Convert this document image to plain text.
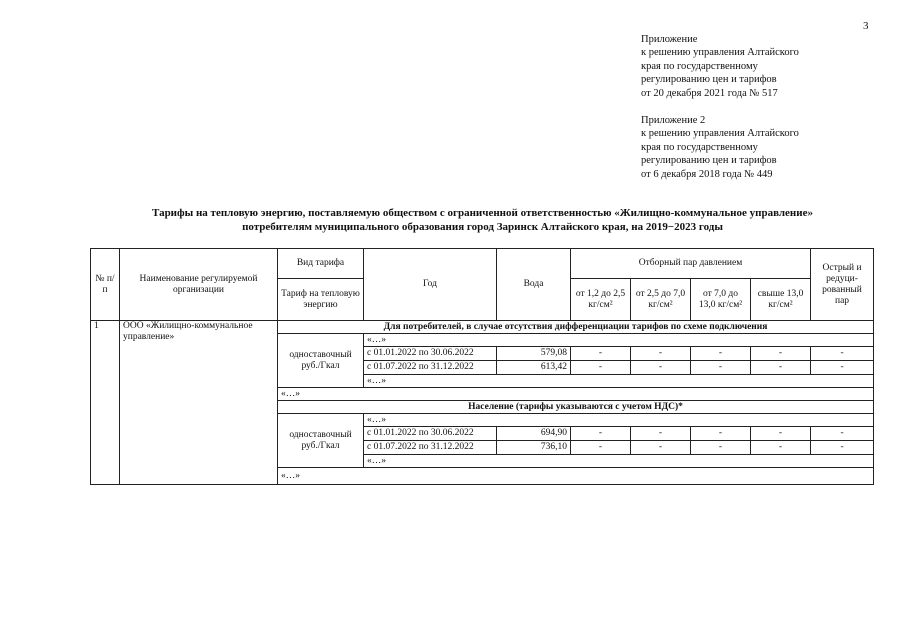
3
Приложение
к решению управления Алтайского
края по государственному
регулированию цен и тарифов
от 20 декабря 2021 года № 517
Приложение 2
к решению управления Алтайского
края по государственному
регулированию цен и тарифов
от 6 декабря 2018 года № 449
Тарифы на тепловую энергию, поставляемую обществом с ограниченной ответственностью «Жилищно-коммунальное управление»
потребителям муниципального образования город Заринск Алтайского края, на 2019−2023 годы
№ п/п	Наименование регулируемой организации	Вид тарифа	Год	Вода	Отборный пар давлением				Острый и редуци-рованный пар
		Тариф на тепловую энергию			от 1,2 до 2,5 кг/см²	от 2,5 до 7,0 кг/см²	от 7,0 до 13,0 кг/см²	свыше 13,0 кг/см²	
1	ООО «Жилищно-коммунальное управление»	Для потребителей, в случае отсутствия дифференциации тарифов по схеме подключения							
		одноставочный руб./Гкал	«…»						
			с 01.01.2022 по 30.06.2022	579,08	-	-	-	-	-
			с 01.07.2022 по 31.12.2022	613,42	-	-	-	-	-
			«…»						
		«…»							
		Население (тарифы указываются с учетом НДС)*							
		одноставочный руб./Гкал	«…»						
			с 01.01.2022 по 30.06.2022	694,90	-	-	-	-	-
			с 01.07.2022 по 31.12.2022	736,10	-	-	-	-	-
			«…»						
		«…»							
